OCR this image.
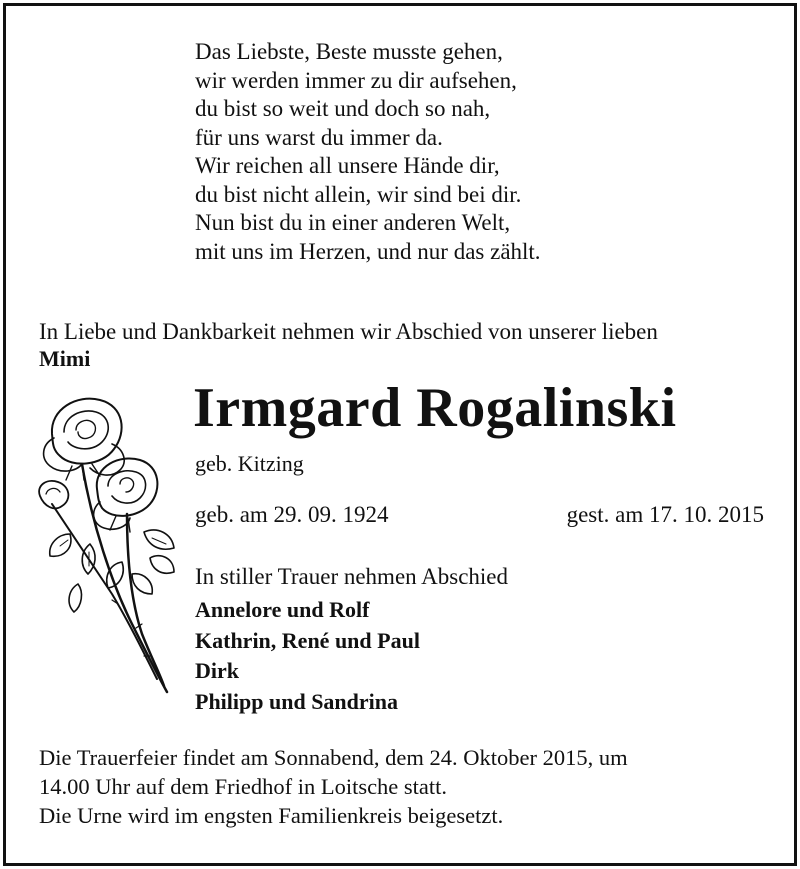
Das Liebste, Beste musste gehen,
wir werden immer zu dir aufsehen,
du bist so weit und doch so nah,
für uns warst du immer da.
Wir reichen all unsere Hände dir,
du bist nicht allein, wir sind bei dir.
Nun bist du in einer anderen Welt,
mit uns im Herzen, und nur das zählt.
In Liebe und Dankbarkeit nehmen wir Abschied von unserer lieben
Mimi
Irmgard Rogalinski
geb. Kitzing
geb. am 29. 09. 1924	gest. am 17. 10. 2015
In stiller Trauer nehmen Abschied
Annelore und Rolf
Kathrin, René und Paul
Dirk
Philipp und Sandrina
Die Trauerfeier findet am Sonnabend, dem 24. Oktober 2015, um
14.00 Uhr auf dem Friedhof in Loitsche statt.
Die Urne wird im engsten Familienkreis beigesetzt.
